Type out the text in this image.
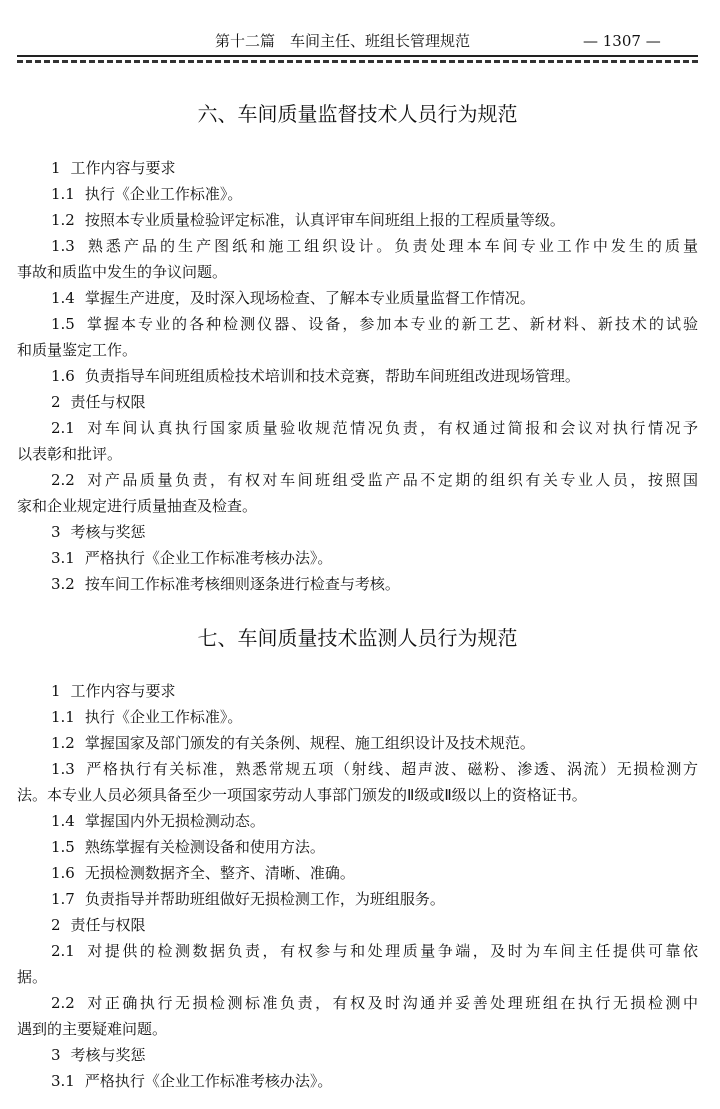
第十二篇　车间主任、班组长管理规范	— 1307 —
六、车间质量监督技术人员行为规范
1 工作内容与要求
1.1 执行《企业工作标准》。
1.2 按照本专业质量检验评定标准，认真评审车间班组上报的工程质量等级。
1.3 熟悉产品的生产图纸和施工组织设计。负责处理本车间专业工作中发生的质量
事故和质监中发生的争议问题。
1.4 掌握生产进度，及时深入现场检查、了解本专业质量监督工作情况。
1.5 掌握本专业的各种检测仪器、设备，参加本专业的新工艺、新材料、新技术的试验
和质量鉴定工作。
1.6 负责指导车间班组质检技术培训和技术竞赛，帮助车间班组改进现场管理。
2 责任与权限
2.1 对车间认真执行国家质量验收规范情况负责，有权通过简报和会议对执行情况予
以表彰和批评。
2.2 对产品质量负责，有权对车间班组受监产品不定期的组织有关专业人员，按照国
家和企业规定进行质量抽查及检查。
3 考核与奖惩
3.1 严格执行《企业工作标准考核办法》。
3.2 按车间工作标准考核细则逐条进行检查与考核。
七、车间质量技术监测人员行为规范
1 工作内容与要求
1.1 执行《企业工作标准》。
1.2 掌握国家及部门颁发的有关条例、规程、施工组织设计及技术规范。
1.3 严格执行有关标准，熟悉常规五项（射线、超声波、磁粉、渗透、涡流）无损检测方
法。本专业人员必须具备至少一项国家劳动人事部门颁发的Ⅱ级或Ⅱ级以上的资格证书。
1.4 掌握国内外无损检测动态。
1.5 熟练掌握有关检测设备和使用方法。
1.6 无损检测数据齐全、整齐、清晰、准确。
1.7 负责指导并帮助班组做好无损检测工作，为班组服务。
2 责任与权限
2.1 对提供的检测数据负责，有权参与和处理质量争端，及时为车间主任提供可靠依
据。
2.2 对正确执行无损检测标准负责，有权及时沟通并妥善处理班组在执行无损检测中
遇到的主要疑难问题。
3 考核与奖惩
3.1 严格执行《企业工作标准考核办法》。
